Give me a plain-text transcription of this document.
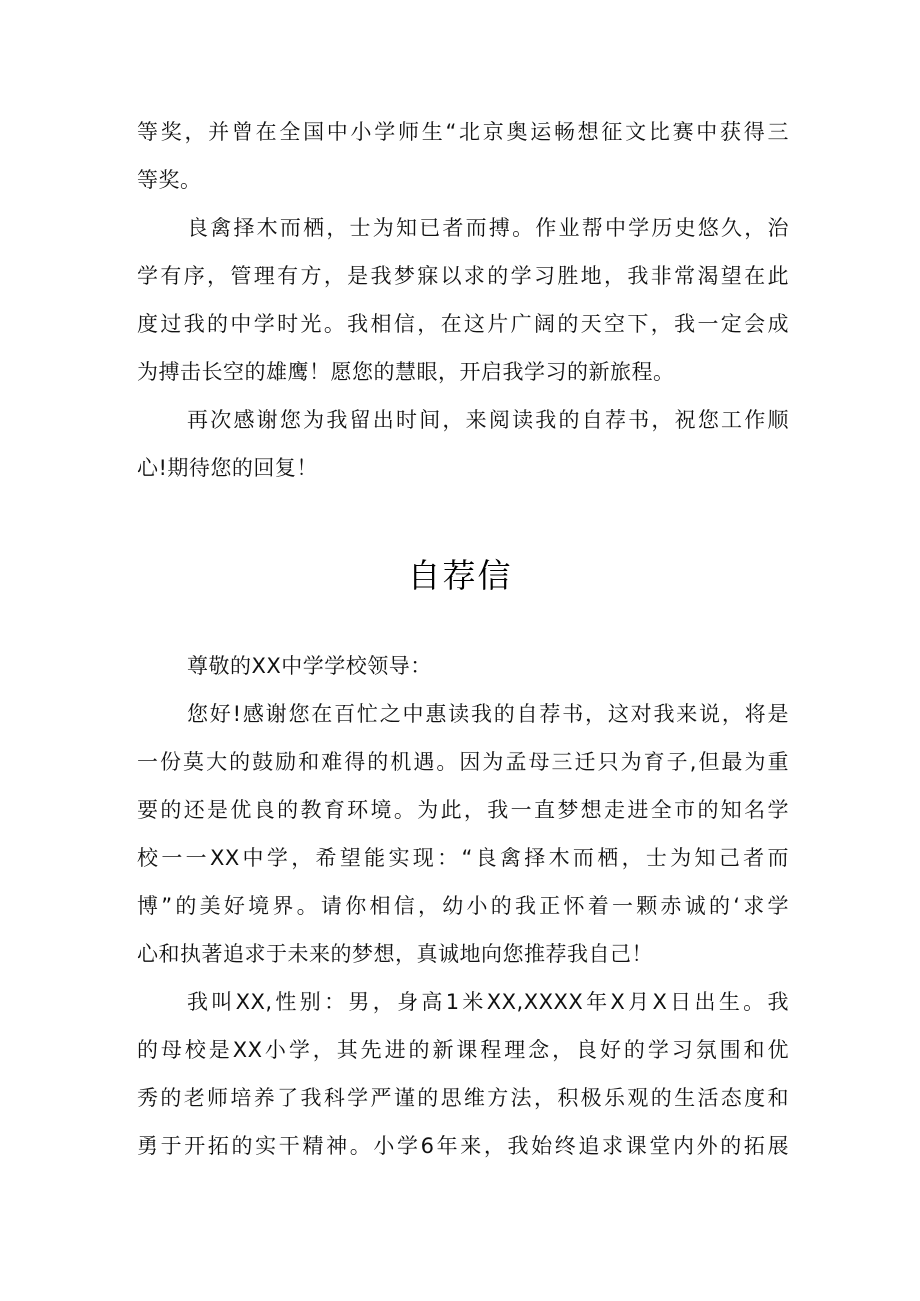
等奖，并曾在全国中小学师生“北京奥运畅想征文比赛中获得三
等奖。
良禽择木而栖，士为知已者而搏。作业帮中学历史悠久，治
学有序，管理有方，是我梦寐以求的学习胜地，我非常渴望在此
度过我的中学时光。我相信，在这片广阔的天空下，我一定会成
为搏击长空的雄鹰！愿您的慧眼，开启我学习的新旅程。
再次感谢您为我留出时间，来阅读我的自荐书，祝您工作顺
心!期待您的回复！
自荐信
尊敬的XX中学学校领导：
您好!感谢您在百忙之中惠读我的自荐书，这对我来说，将是
一份莫大的鼓励和难得的机遇。因为孟母三迁只为育子,但最为重
要的还是优良的教育环境。为此，我一直梦想走进全市的知名学
校一一XX中学，希望能实现：“良禽择木而栖，士为知己者而
博”的美好境界。请你相信，幼小的我正怀着一颗赤诚的‘求学
心和执著追求于未来的梦想，真诚地向您推荐我自己！
我叫XX,性别：男，身高1米XX,XXXX年X月X日出生。我
的母校是XX小学，其先进的新课程理念，良好的学习氛围和优
秀的老师培养了我科学严谨的思维方法，积极乐观的生活态度和
勇于开拓的实干精神。小学6年来，我始终追求课堂内外的拓展
